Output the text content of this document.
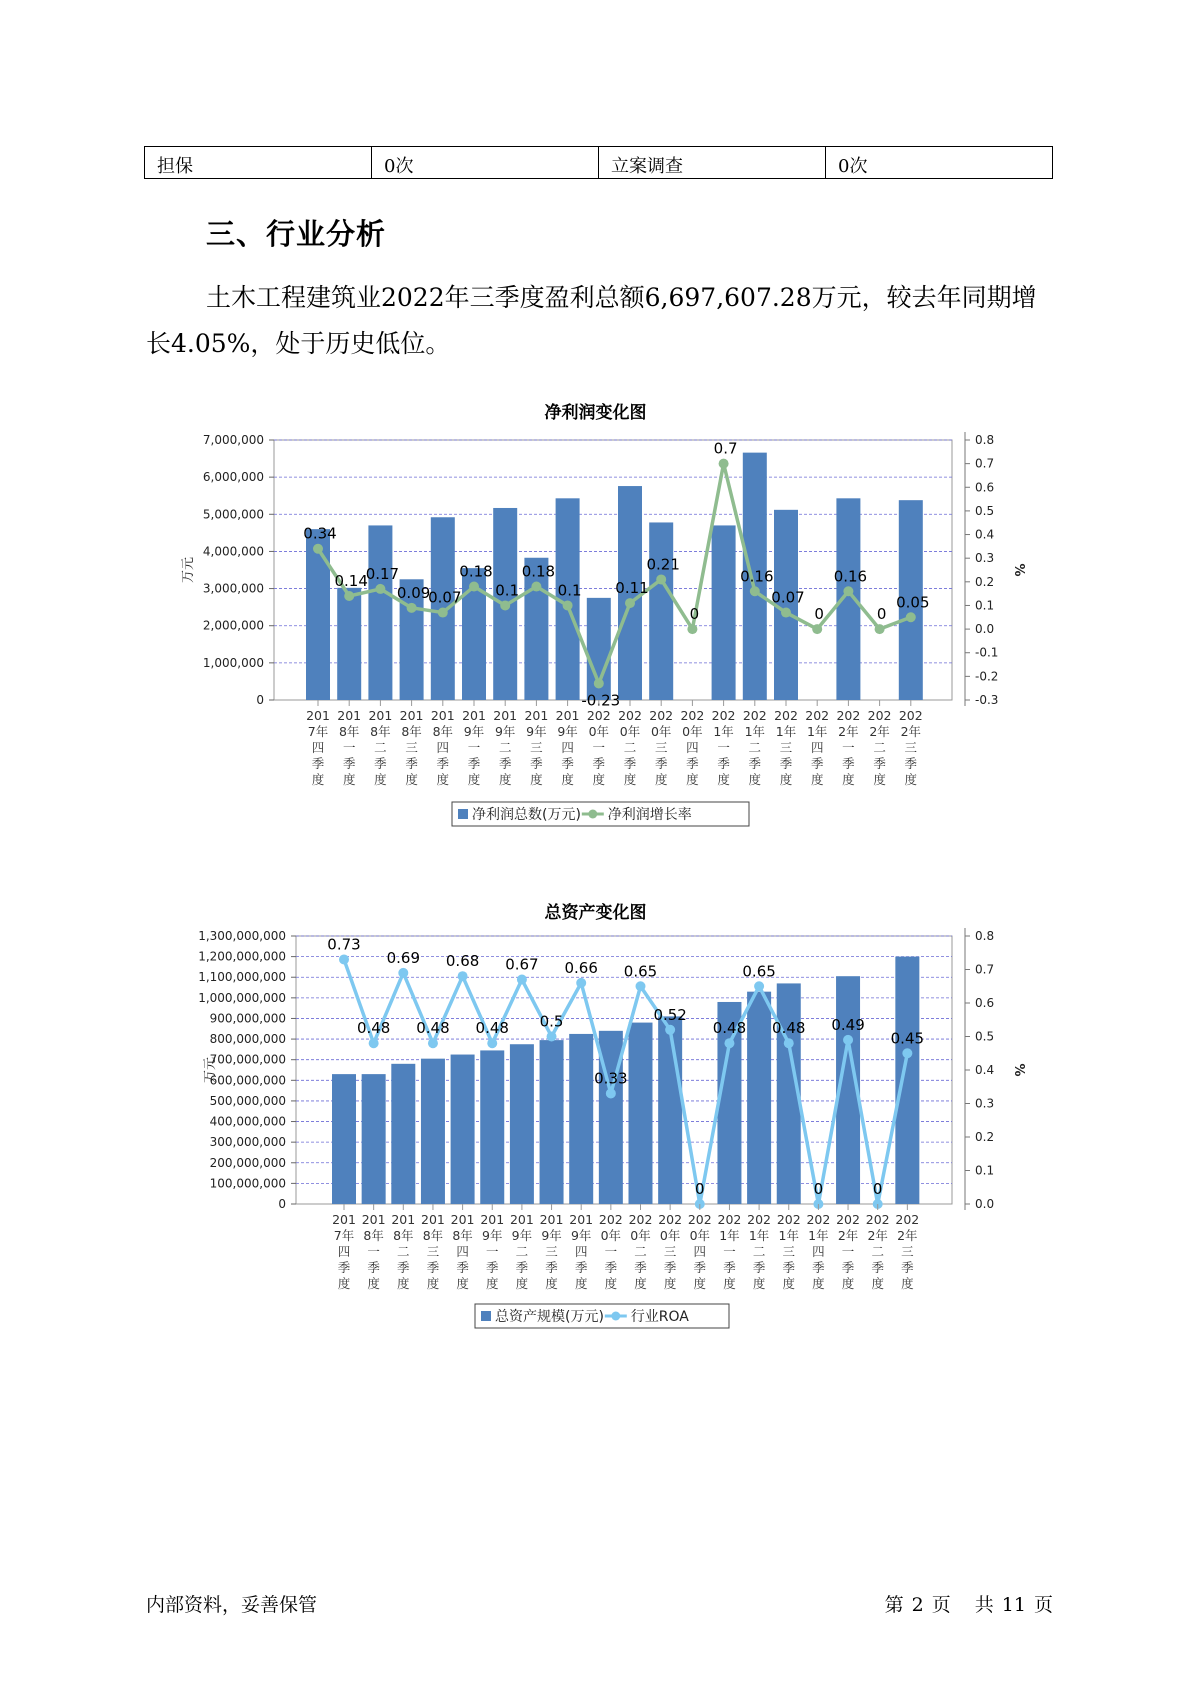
担保	0次	立案调查	0次
三、行业分析
土木工程建筑业2022年三季度盈利总额6,697,607.28万元，较去年同期增长4.05%，处于历史低位。
净利润变化图
0
1,000,000
2,000,000
3,000,000
4,000,000
5,000,000
6,000,000
7,000,000
万元
0.8
0.7
0.6
0.5
0.4
0.3
0.2
0.1
0.0
-0.1
-0.2
-0.3
%
0.34
0.14
0.17
0.09
0.07
0.18
0.1
0.18
0.1
-0.23
0.11
0.21
0
0.7
0.16
0.07
0
0.16
0
0.05
201
7年
四
季
度
201
8年
一
季
度
201
8年
二
季
度
201
8年
三
季
度
201
8年
四
季
度
201
9年
一
季
度
201
9年
二
季
度
201
9年
三
季
度
201
9年
四
季
度
202
0年
一
季
度
202
0年
二
季
度
202
0年
三
季
度
202
0年
四
季
度
202
1年
一
季
度
202
1年
二
季
度
202
1年
三
季
度
202
1年
四
季
度
202
2年
一
季
度
202
2年
二
季
度
202
2年
三
季
度
净利润总数(万元) 净利润增长率
总资产变化图
0
100,000,000
200,000,000
300,000,000
400,000,000
500,000,000
600,000,000
700,000,000
800,000,000
900,000,000
1,000,000,000
1,100,000,000
1,200,000,000
1,300,000,000
万元
0.8
0.7
0.6
0.5
0.4
0.3
0.2
0.1
0.0
%
0.73
0.48
0.69
0.48
0.68
0.48
0.67
0.5
0.66
0.33
0.65
0.52
0
0.48
0.65
0.48
0
0.49
0
0.45
201
7年
四
季
度
201
8年
一
季
度
201
8年
二
季
度
201
8年
三
季
度
201
8年
四
季
度
201
9年
一
季
度
201
9年
二
季
度
201
9年
三
季
度
201
9年
四
季
度
202
0年
一
季
度
202
0年
二
季
度
202
0年
三
季
度
202
0年
四
季
度
202
1年
一
季
度
202
1年
二
季
度
202
1年
三
季
度
202
1年
四
季
度
202
2年
一
季
度
202
2年
二
季
度
202
2年
三
季
度
总资产规模(万元) 行业ROA
内部资料，妥善保管	第 2 页 共 11 页
